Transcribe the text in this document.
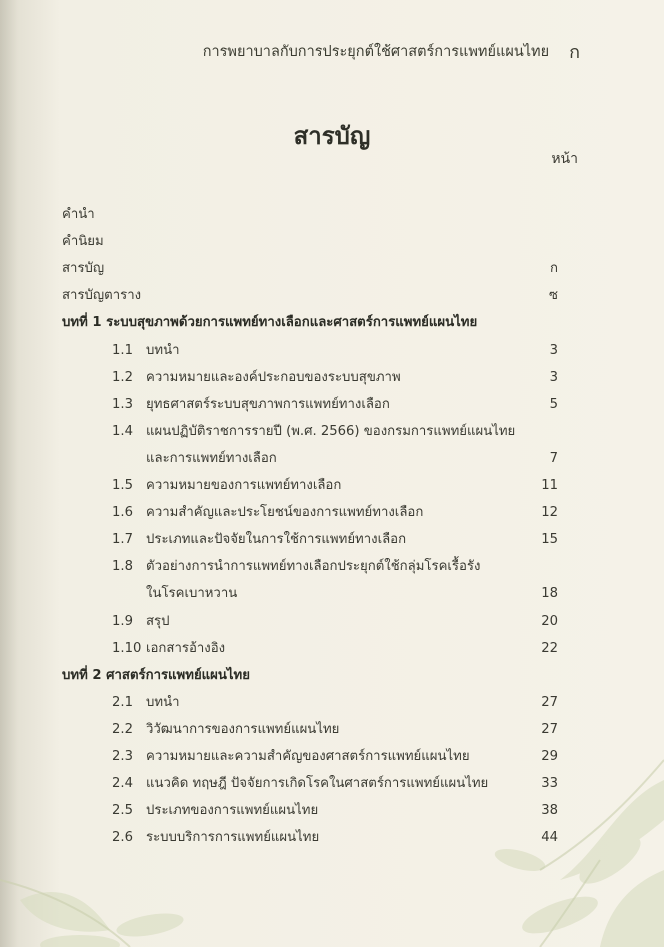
การพยาบาลกับการประยุกต์ใช้ศาสตร์การแพทย์แผนไทย ก
สารบัญ
หน้า
คำนำ
คำนิยม
สารบัญ	ก
สารบัญตาราง	ซ
บทที่ 1 ระบบสุขภาพด้วยการแพทย์ทางเลือกและศาสตร์การแพทย์แผนไทย
1.1 บทนำ	3
1.2 ความหมายและองค์ประกอบของระบบสุขภาพ	3
1.3 ยุทธศาสตร์ระบบสุขภาพการแพทย์ทางเลือก	5
1.4 แผนปฏิบัติราชการรายปี (พ.ศ. 2566) ของกรมการแพทย์แผนไทย
และการแพทย์ทางเลือก	7
1.5 ความหมายของการแพทย์ทางเลือก	11
1.6 ความสำคัญและประโยชน์ของการแพทย์ทางเลือก	12
1.7 ประเภทและปัจจัยในการใช้การแพทย์ทางเลือก	15
1.8 ตัวอย่างการนำการแพทย์ทางเลือกประยุกต์ใช้กลุ่มโรคเรื้อรัง
ในโรคเบาหวาน	18
1.9 สรุป	20
1.10 เอกสารอ้างอิง	22
บทที่ 2 ศาสตร์การแพทย์แผนไทย
2.1 บทนำ	27
2.2 วิวัฒนาการของการแพทย์แผนไทย	27
2.3 ความหมายและความสำคัญของศาสตร์การแพทย์แผนไทย	29
2.4 แนวคิด ทฤษฎี ปัจจัยการเกิดโรคในศาสตร์การแพทย์แผนไทย	33
2.5 ประเภทของการแพทย์แผนไทย	38
2.6 ระบบบริการการแพทย์แผนไทย	44
